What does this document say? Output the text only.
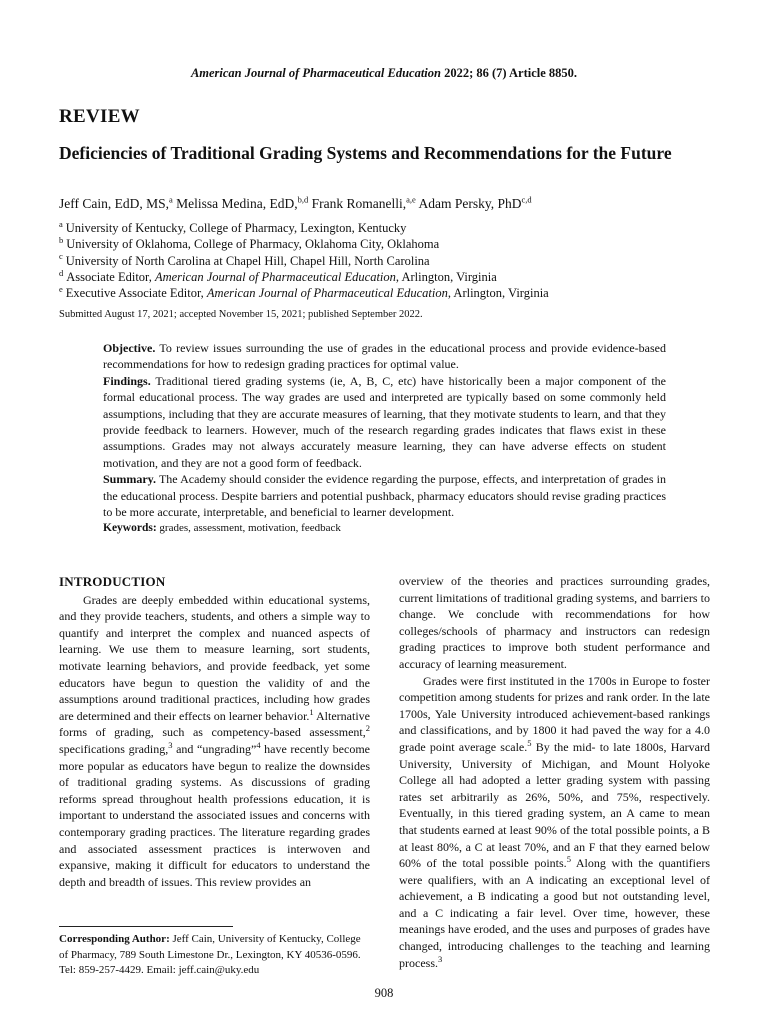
American Journal of Pharmaceutical Education 2022; 86 (7) Article 8850.
REVIEW
Deficiencies of Traditional Grading Systems and Recommendations for the Future
Jeff Cain, EdD, MS,$^a$ Melissa Medina, EdD,$^{b,d}$ Frank Romanelli,$^{a,e}$ Adam Persky, PhD$^{c,d}$
$^a$ University of Kentucky, College of Pharmacy, Lexington, Kentucky
$^b$ University of Oklahoma, College of Pharmacy, Oklahoma City, Oklahoma
$^c$ University of North Carolina at Chapel Hill, Chapel Hill, North Carolina
$^d$ Associate Editor, American Journal of Pharmaceutical Education, Arlington, Virginia
$^e$ Executive Associate Editor, American Journal of Pharmaceutical Education, Arlington, Virginia
Submitted August 17, 2021; accepted November 15, 2021; published September 2022.

Objective. To review issues surrounding the use of grades in the educational process and provide evidence-based recommendations for how to redesign grading practices for optimal value.

Findings. Traditional tiered grading systems (ie, A, B, C, etc) have historically been a major component of the formal educational process. The way grades are used and interpreted are typically based on some commonly held assumptions, including that they are accurate measures of learning, that they motivate students to learn, and that they provide feedback to learners. However, much of the research regarding grades indicates that flaws exist in these assumptions. Grades may not always accurately measure learning, they can have adverse effects on student motivation, and they are not a good form of feedback.

Summary. The Academy should consider the evidence regarding the purpose, effects, and interpretation of grades in the educational process. Despite barriers and potential pushback, pharmacy educators should revise grading practices to be more accurate, interpretable, and beneficial to learner development.

Keywords: grades, assessment, motivation, feedback

INTRODUCTION

Grades are deeply embedded within educational systems, and they provide teachers, students, and others a simple way to quantify and interpret the complex and nuanced aspects of learning. We use them to measure learning, sort students, motivate learning behaviors, and provide feedback, yet some educators have begun to question the validity of and the assumptions around traditional practices, including how grades are determined and their effects on learner behavior.$^1$ Alternative forms of grading, such as competency-based assessment,$^2$ specifications grading,$^3$ and “ungrading”$^4$ have recently become more popular as educators have begun to realize the downsides of traditional grading systems. As discussions of grading reforms spread throughout health professions education, it is important to understand the associated issues and concerns with contemporary grading practices. The literature regarding grades and associated assessment practices is interwoven and expansive, making it difficult for educators to understand the depth and breadth of issues. This review provides an

overview of the theories and practices surrounding grades, current limitations of traditional grading systems, and barriers to change. We conclude with recommendations for how colleges/schools of pharmacy and instructors can redesign grading practices to improve both student performance and accuracy of learning measurement.

Grades were first instituted in the 1700s in Europe to foster competition among students for prizes and rank order. In the late 1700s, Yale University introduced achievement-based rankings and classifications, and by 1800 it had paved the way for a 4.0 grade point average scale.$^5$ By the mid- to late 1800s, Harvard University, University of Michigan, and Mount Holyoke College all had adopted a letter grading system with passing rates set arbitrarily as 26%, 50%, and 75%, respectively. Eventually, in this tiered grading system, an A came to mean that students earned at least 90% of the total possible points, a B at least 80%, a C at least 70%, and an F that they earned below 60% of the total possible points.$^5$ Along with the quantifiers were qualifiers, with an A indicating an exceptional level of achievement, a B indicating a good but not outstanding level, and a C indicating a fair level. Over time, however, these meanings have eroded, and the uses and purposes of grades have changed, introducing challenges to the teaching and learning process.$^3$

Corresponding Author: Jeff Cain, University of Kentucky, College of Pharmacy, 789 South Limestone Dr., Lexington, KY 40536-0596. Tel: 859-257-4429. Email: jeff.cain@uky.edu
908
